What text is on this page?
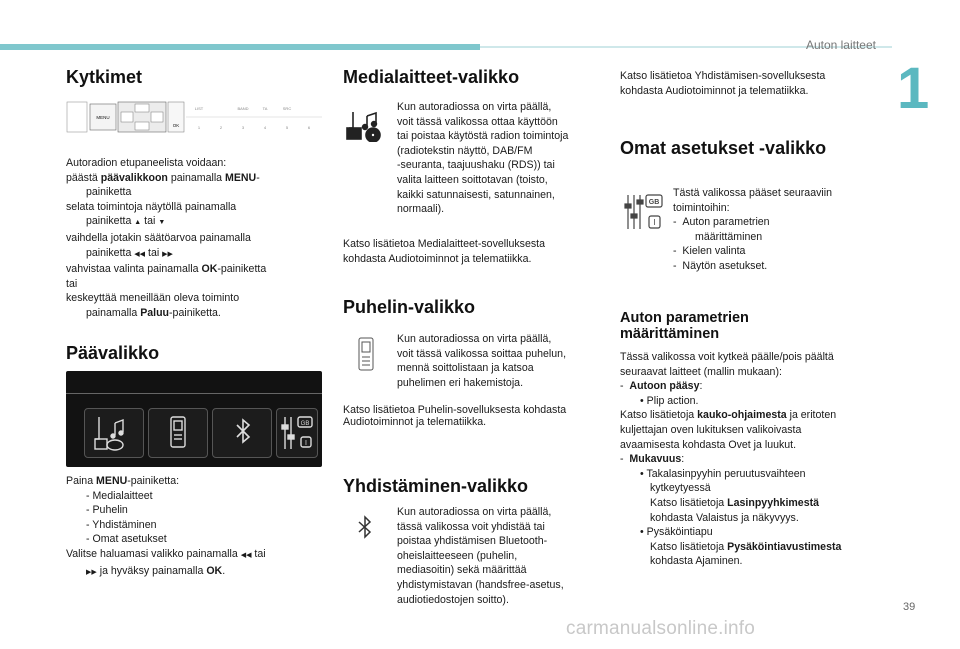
Auton laitteet
1
39
carmanualsonline.info
Kytkimet
MENU
OK
LIST	BAND	TA	SRC
1	2	3	4	5	6

Autoradion etupaneelista voidaan:

päästä päävalikkoon painamalla MENU-

painiketta

selata toimintoja näytöllä painamalla

painiketta ▲ tai ▼

vaihdella jotakin säätöarvoa painamalla

painiketta ◀◀ tai ▶▶

vahvistaa valinta painamalla OK-painiketta

tai

keskeyttää meneillään oleva toiminto

painamalla Paluu-painiketta.

Päävalikko
GB
I

Paina MENU-painiketta:

- Medialaitteet

- Puhelin

- Yhdistäminen

- Omat asetukset

Valitse haluamasi valikko painamalla ◀◀ tai

▶▶ ja hyväksy painamalla OK.

Medialaitteet-valikko

Kun autoradiossa on virta päällä,

voit tässä valikossa ottaa käyttöön

tai poistaa käytöstä radion toimintoja

(radiotekstin näyttö, DAB/FM

-seuranta, taajuushaku (RDS)) tai

valita laitteen soittotavan (toisto,

kaikki satunnaisesti, satunnainen,

normaali).

Katso lisätietoa Medialaitteet-sovelluksesta

kohdasta Audiotoiminnot ja telematiikka.

Puhelin-valikko

Kun autoradiossa on virta päällä,

voit tässä valikossa soittaa puhelun,

mennä soittolistaan ja katsoa

puhelimen eri hakemistoja.

Katso lisätietoa Puhelin-sovelluksesta kohdasta

Audiotoiminnot ja telematiikka.

Yhdistäminen-valikko

Kun autoradiossa on virta päällä,

tässä valikossa voit yhdistää tai

poistaa yhdistämisen Bluetooth-

oheislaitteeseen (puhelin,

mediasoitin) sekä määrittää

yhdistymistavan (handsfree-asetus,

audiotiedostojen soitto).

Katso lisätietoa Yhdistämisen-sovelluksesta

kohdasta Audiotoiminnot ja telematiikka.

Omat asetukset -valikko
GB
I

Tästä valikossa pääset seuraaviin

toimintoihin:

- Auton parametrien

määrittäminen

- Kielen valinta

- Näytön asetukset.

Auton parametrien
määrittäminen

Tässä valikossa voit kytkeä päälle/pois päältä

seuraavat laitteet (mallin mukaan):

- Autoon pääsy:

• Plip action.

Katso lisätietoja kauko-ohjaimesta ja eritoten

kuljettajan oven lukituksen valikoivasta

avaamisesta kohdasta Ovet ja luukut.

- Mukavuus:

• Takalasinpyyhin peruutusvaihteen

kytkeytyessä

Katso lisätietoja Lasinpyyhkimestä

kohdasta Valaistus ja näkyvyys.

• Pysäköintiapu

Katso lisätietoja Pysäköintiavustimesta

kohdasta Ajaminen.
